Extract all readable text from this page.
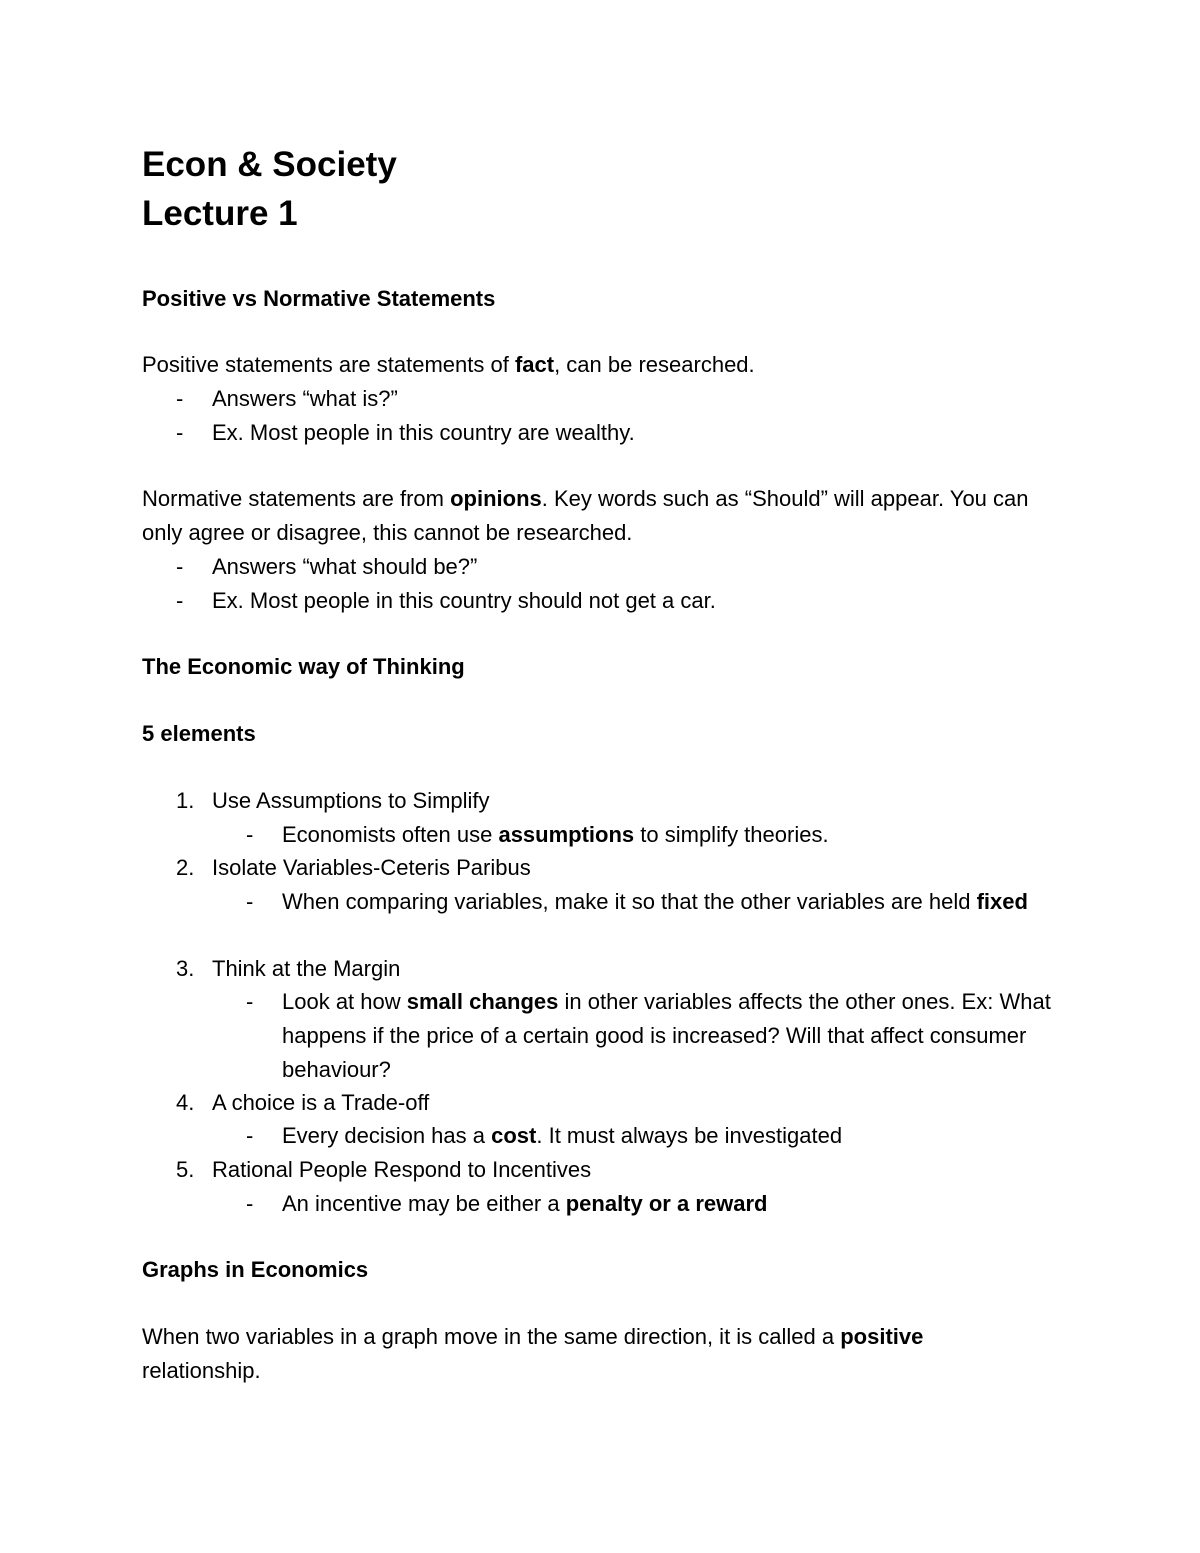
Econ & Society
Lecture 1
Positive vs Normative Statements

Positive statements are statements of fact, can be researched.

- Answers “what is?”
- Ex. Most people in this country are wealthy.

Normative statements are from opinions. Key words such as “Should” will appear. You can only agree or disagree, this cannot be researched.

- Answers “what should be?”
- Ex. Most people in this country should not get a car.
The Economic way of Thinking
5 elements
1. Use Assumptions to Simplify
- Economists often use assumptions to simplify theories.
2. Isolate Variables-Ceteris Paribus
- When comparing variables, make it so that the other variables are held fixed
3. Think at the Margin
- Look at how small changes in other variables affects the other ones. Ex: What happens if the price of a certain good is increased? Will that affect consumer behaviour?
4. A choice is a Trade-off
- Every decision has a cost. It must always be investigated
5. Rational People Respond to Incentives
- An incentive may be either a penalty or a reward
Graphs in Economics

When two variables in a graph move in the same direction, it is called a positive relationship.
